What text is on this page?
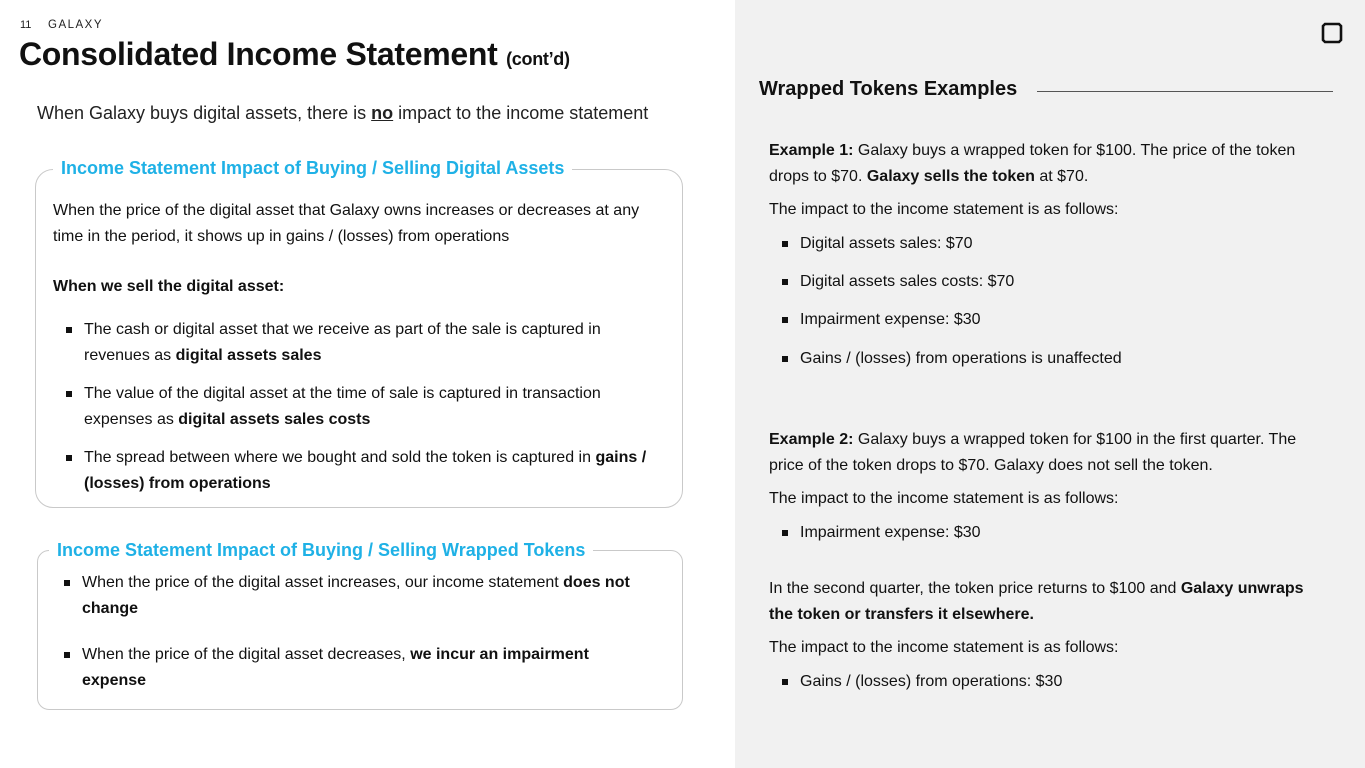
11 GALAXY
Consolidated Income Statement (cont’d)
When Galaxy buys digital assets, there is no impact to the income statement
Income Statement Impact of Buying / Selling Digital Assets
When the price of the digital asset that Galaxy owns increases or decreases at any time in the period, it shows up in gains / (losses) from operations
When we sell the digital asset:
The cash or digital asset that we receive as part of the sale is captured in revenues as digital assets sales
The value of the digital asset at the time of sale is captured in transaction expenses as digital assets sales costs
The spread between where we bought and sold the token is captured in gains / (losses) from operations
Income Statement Impact of Buying / Selling Wrapped Tokens
When the price of the digital asset increases, our income statement does not change
When the price of the digital asset decreases, we incur an impairment expense
Wrapped Tokens Examples
Example 1: Galaxy buys a wrapped token for $100. The price of the token drops to $70. Galaxy sells the token at $70.
The impact to the income statement is as follows:
Digital assets sales: $70
Digital assets sales costs: $70
Impairment expense: $30
Gains / (losses) from operations is unaffected
Example 2: Galaxy buys a wrapped token for $100 in the first quarter. The price of the token drops to $70. Galaxy does not sell the token.
The impact to the income statement is as follows:
Impairment expense: $30
In the second quarter, the token price returns to $100 and Galaxy unwraps the token or transfers it elsewhere.
The impact to the income statement is as follows:
Gains / (losses) from operations: $30
